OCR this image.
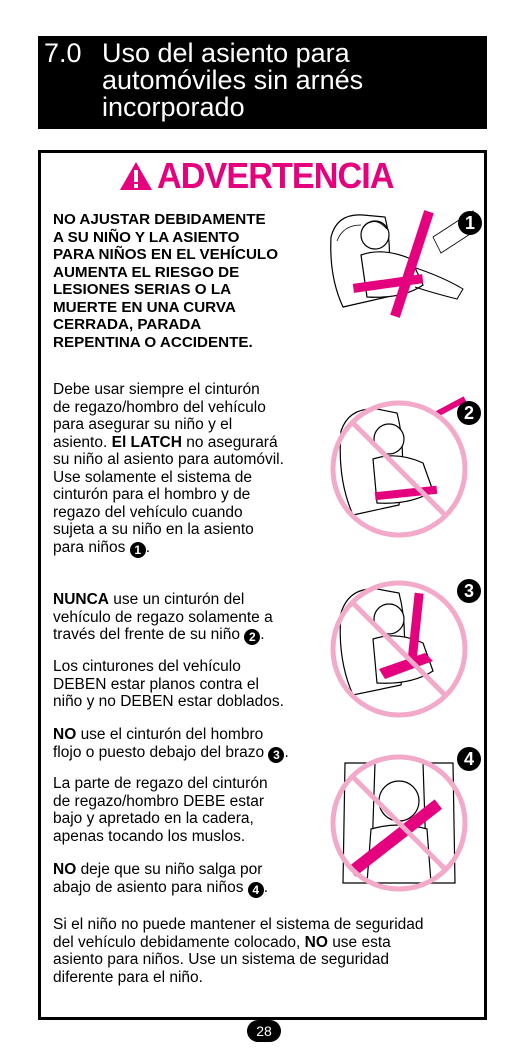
7.0 Uso del asiento para
automóviles sin arnés
incorporado
ADVERTENCIA
NO AJUSTAR DEBIDAMENTE
A SU NIÑO Y LA ASIENTO
PARA NIÑOS EN EL VEHÍCULO
AUMENTA EL RIESGO DE
LESIONES SERIAS O LA
MUERTE EN UNA CURVA
CERRADA, PARADA
REPENTINA O ACCIDENTE.
Debe usar siempre el cinturón
de regazo/hombro del vehículo
para asegurar su niño y el
asiento. El LATCH no asegurará
su niño al asiento para automóvil.
Use solamente el sistema de
cinturón para el hombro y de
regazo del vehículo cuando
sujeta a su niño en la asiento
para niños 1 .
NUNCA use un cinturón del
vehículo de regazo solamente a
través del frente de su niño 2 .
Los cinturones del vehículo
DEBEN estar planos contra el
niño y no DEBEN estar doblados.
NO use el cinturón del hombro
flojo o puesto debajo del brazo 3 .
La parte de regazo del cinturón
de regazo/hombro DEBE estar
bajo y apretado en la cadera,
apenas tocando los muslos.
NO deje que su niño salga por
abajo de asiento para niños 4 .
Si el niño no puede mantener el sistema de seguridad
del vehículo debidamente colocado, NO use esta
asiento para niños. Use un sistema de seguridad
diferente para el niño.
1
2
3
4
28
